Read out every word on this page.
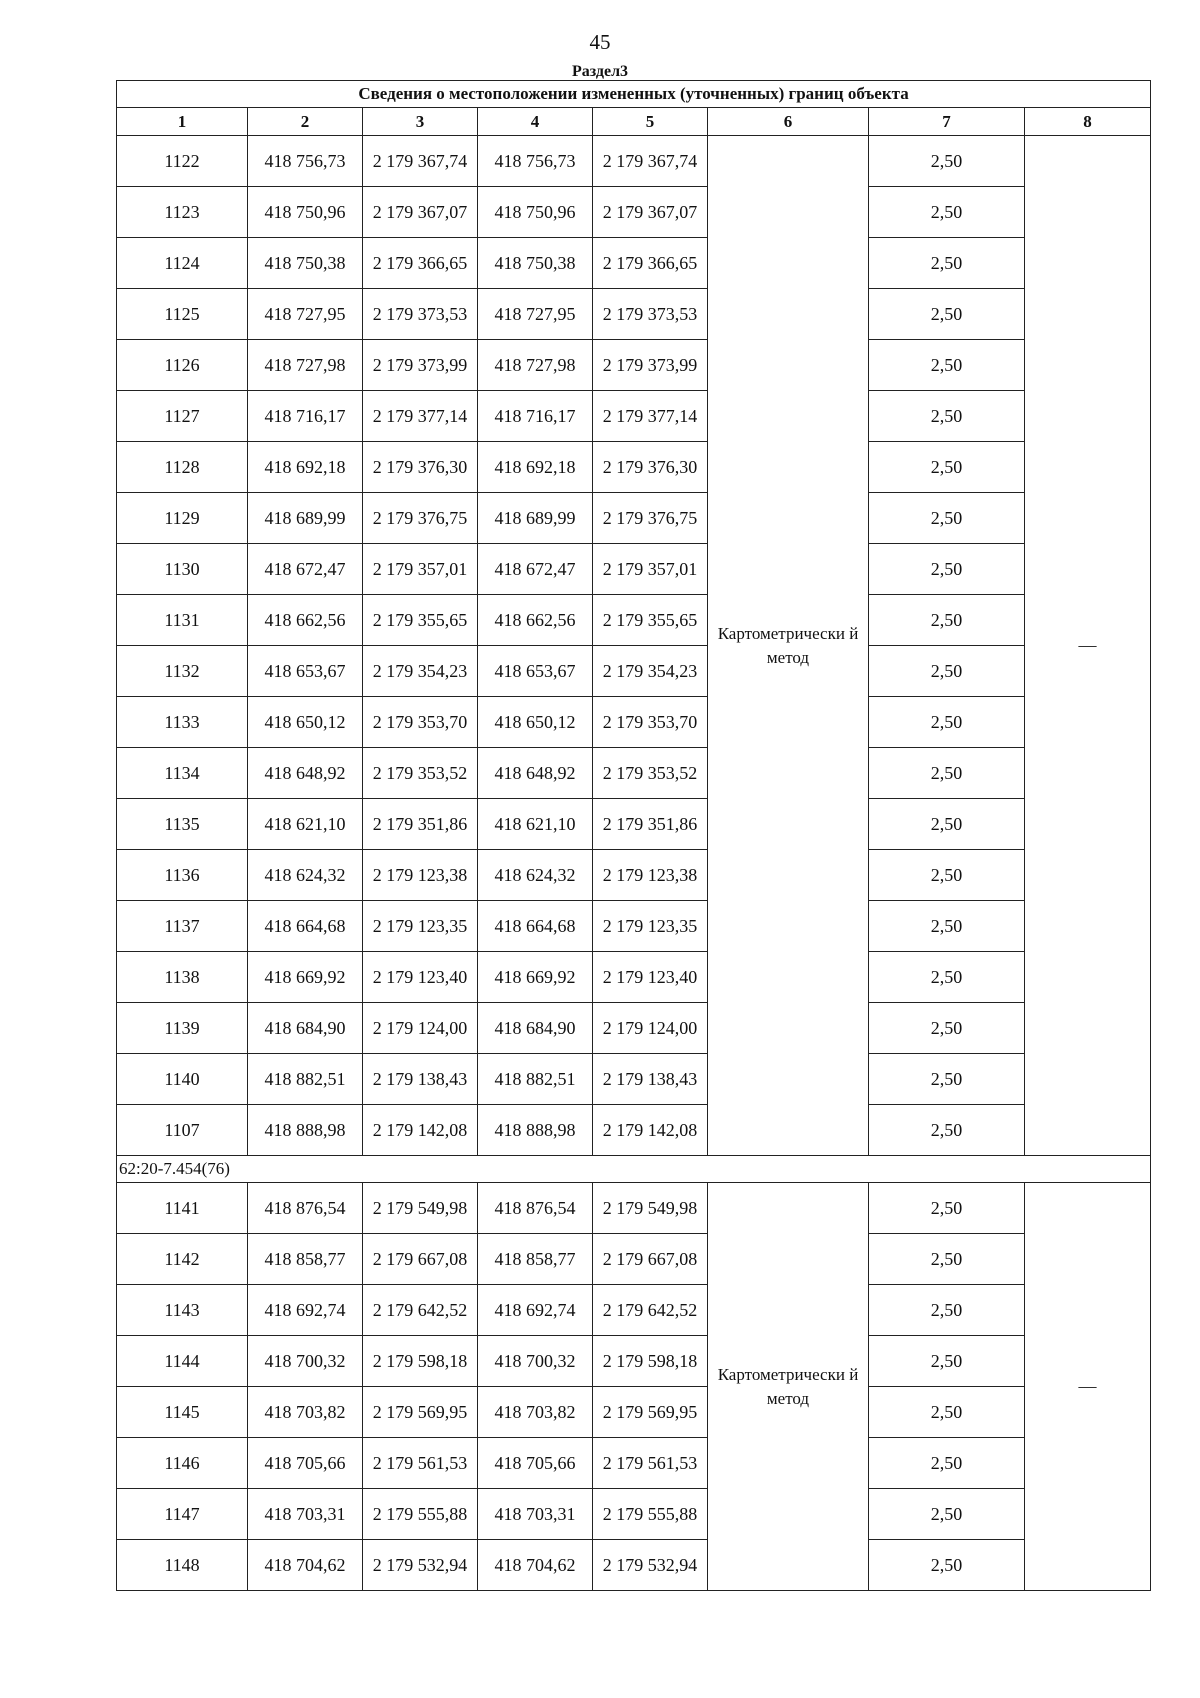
45
Раздел3
Сведения о местоположении измененных (уточненных) границ объекта							
1	2	3	4	5	6	7	8
1122	418 756,73	2 179 367,74	418 756,73	2 179 367,74	Картометрически й метод	2,50	—
1123	418 750,96	2 179 367,07	418 750,96	2 179 367,07		2,50	
1124	418 750,38	2 179 366,65	418 750,38	2 179 366,65		2,50	
1125	418 727,95	2 179 373,53	418 727,95	2 179 373,53		2,50	
1126	418 727,98	2 179 373,99	418 727,98	2 179 373,99		2,50	
1127	418 716,17	2 179 377,14	418 716,17	2 179 377,14		2,50	
1128	418 692,18	2 179 376,30	418 692,18	2 179 376,30		2,50	
1129	418 689,99	2 179 376,75	418 689,99	2 179 376,75		2,50	
1130	418 672,47	2 179 357,01	418 672,47	2 179 357,01		2,50	
1131	418 662,56	2 179 355,65	418 662,56	2 179 355,65		2,50	
1132	418 653,67	2 179 354,23	418 653,67	2 179 354,23		2,50	
1133	418 650,12	2 179 353,70	418 650,12	2 179 353,70		2,50	
1134	418 648,92	2 179 353,52	418 648,92	2 179 353,52		2,50	
1135	418 621,10	2 179 351,86	418 621,10	2 179 351,86		2,50	
1136	418 624,32	2 179 123,38	418 624,32	2 179 123,38		2,50	
1137	418 664,68	2 179 123,35	418 664,68	2 179 123,35		2,50	
1138	418 669,92	2 179 123,40	418 669,92	2 179 123,40		2,50	
1139	418 684,90	2 179 124,00	418 684,90	2 179 124,00		2,50	
1140	418 882,51	2 179 138,43	418 882,51	2 179 138,43		2,50	
1107	418 888,98	2 179 142,08	418 888,98	2 179 142,08		2,50	
62:20-7.454(76)							
1141	418 876,54	2 179 549,98	418 876,54	2 179 549,98	Картометрически й метод	2,50	—
1142	418 858,77	2 179 667,08	418 858,77	2 179 667,08		2,50	
1143	418 692,74	2 179 642,52	418 692,74	2 179 642,52		2,50	
1144	418 700,32	2 179 598,18	418 700,32	2 179 598,18		2,50	
1145	418 703,82	2 179 569,95	418 703,82	2 179 569,95		2,50	
1146	418 705,66	2 179 561,53	418 705,66	2 179 561,53		2,50	
1147	418 703,31	2 179 555,88	418 703,31	2 179 555,88		2,50	
1148	418 704,62	2 179 532,94	418 704,62	2 179 532,94		2,50	
